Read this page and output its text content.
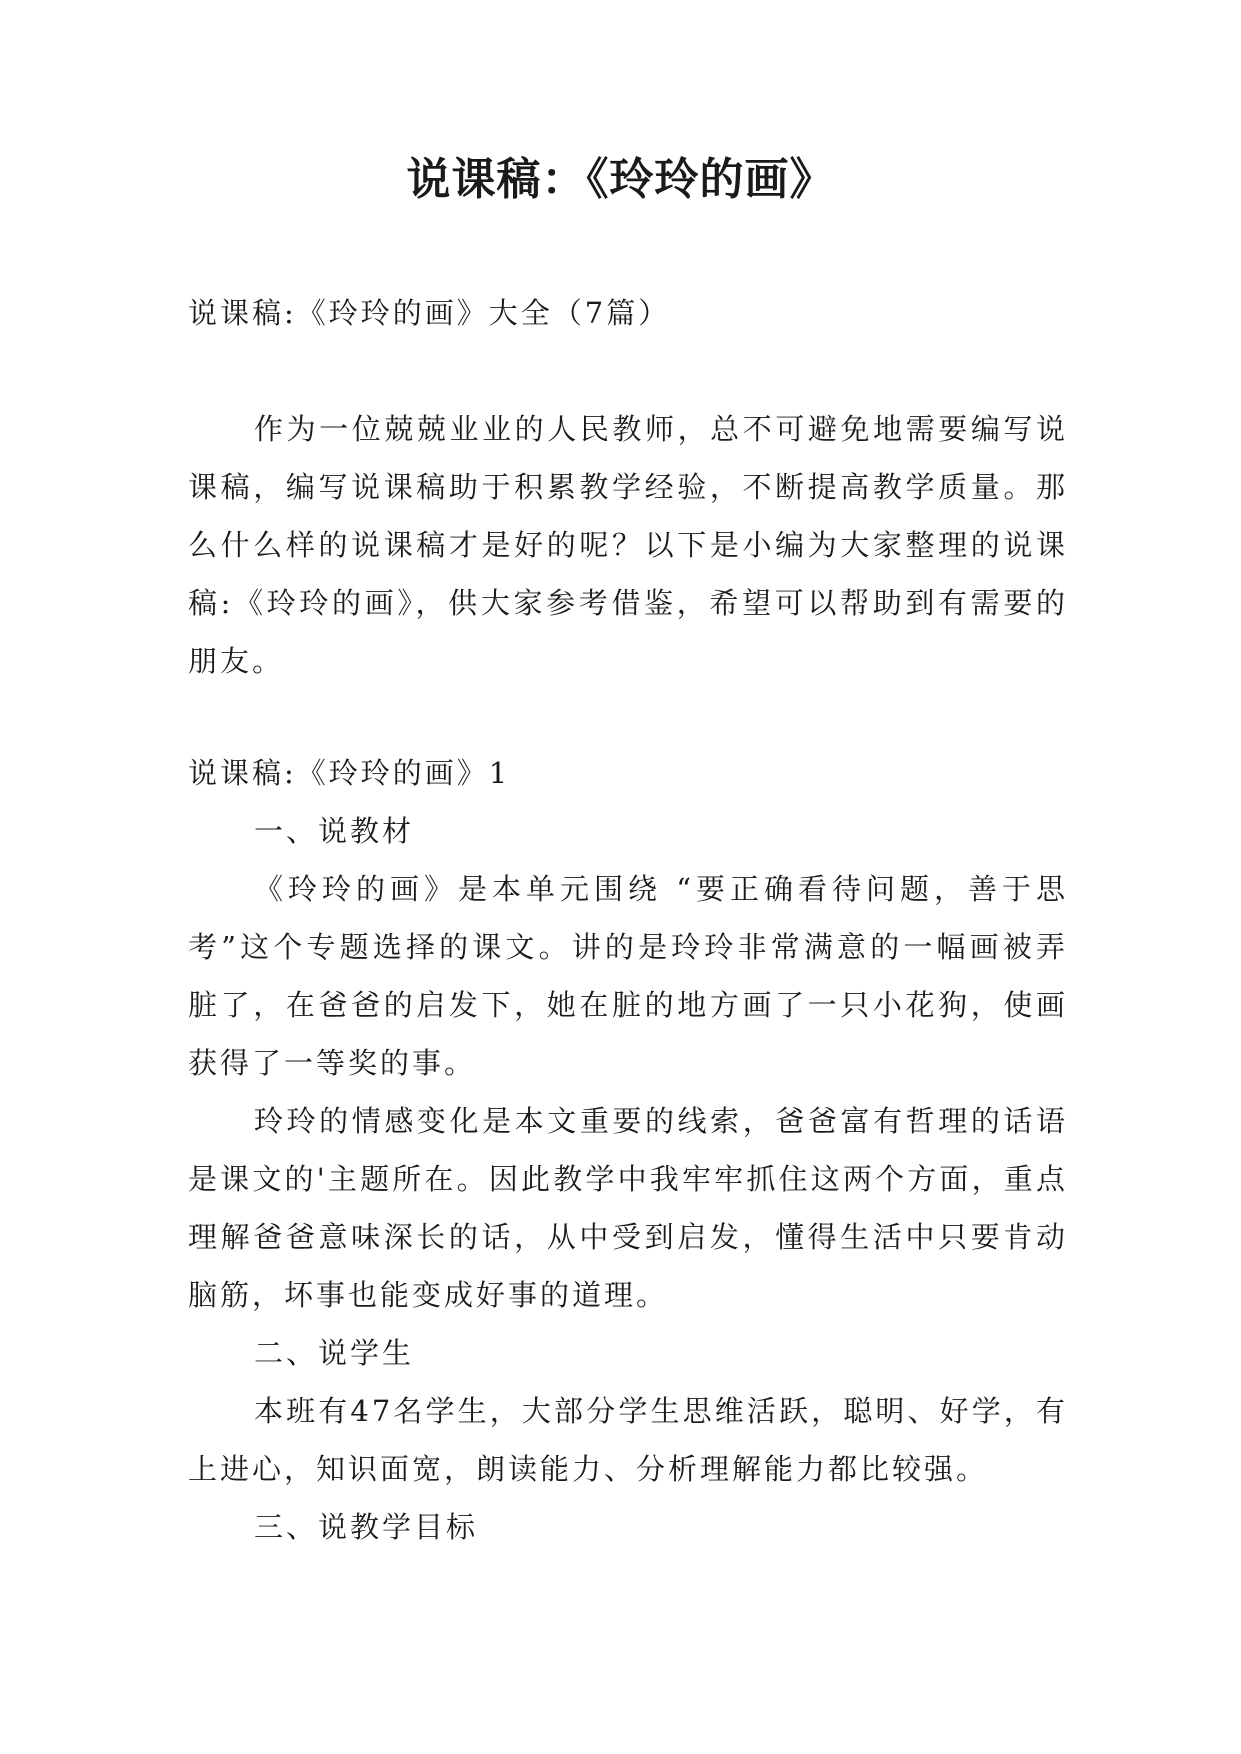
说课稿：《玲玲的画》
说课稿:《玲玲的画》大全（7篇）
作为一位兢兢业业的人民教师，总不可避免地需要编写说课稿，编写说课稿助于积累教学经验，不断提高教学质量。那么什么样的说课稿才是好的呢？以下是小编为大家整理的说课稿:《玲玲的画》，供大家参考借鉴，希望可以帮助到有需要的朋友。

说课稿:《玲玲的画》1

一、说教材

《玲玲的画》是本单元围绕 “要正确看待问题，善于思考”这个专题选择的课文。讲的是玲玲非常满意的一幅画被弄脏了，在爸爸的启发下，她在脏的地方画了一只小花狗，使画获得了一等奖的事。

玲玲的情感变化是本文重要的线索，爸爸富有哲理的话语是课文的'主题所在。因此教学中我牢牢抓住这两个方面，重点理解爸爸意味深长的话，从中受到启发，懂得生活中只要肯动脑筋，坏事也能变成好事的道理。

二、说学生

本班有47名学生，大部分学生思维活跃，聪明、好学，有上进心，知识面宽，朗读能力、分析理解能力都比较强。

三、说教学目标
